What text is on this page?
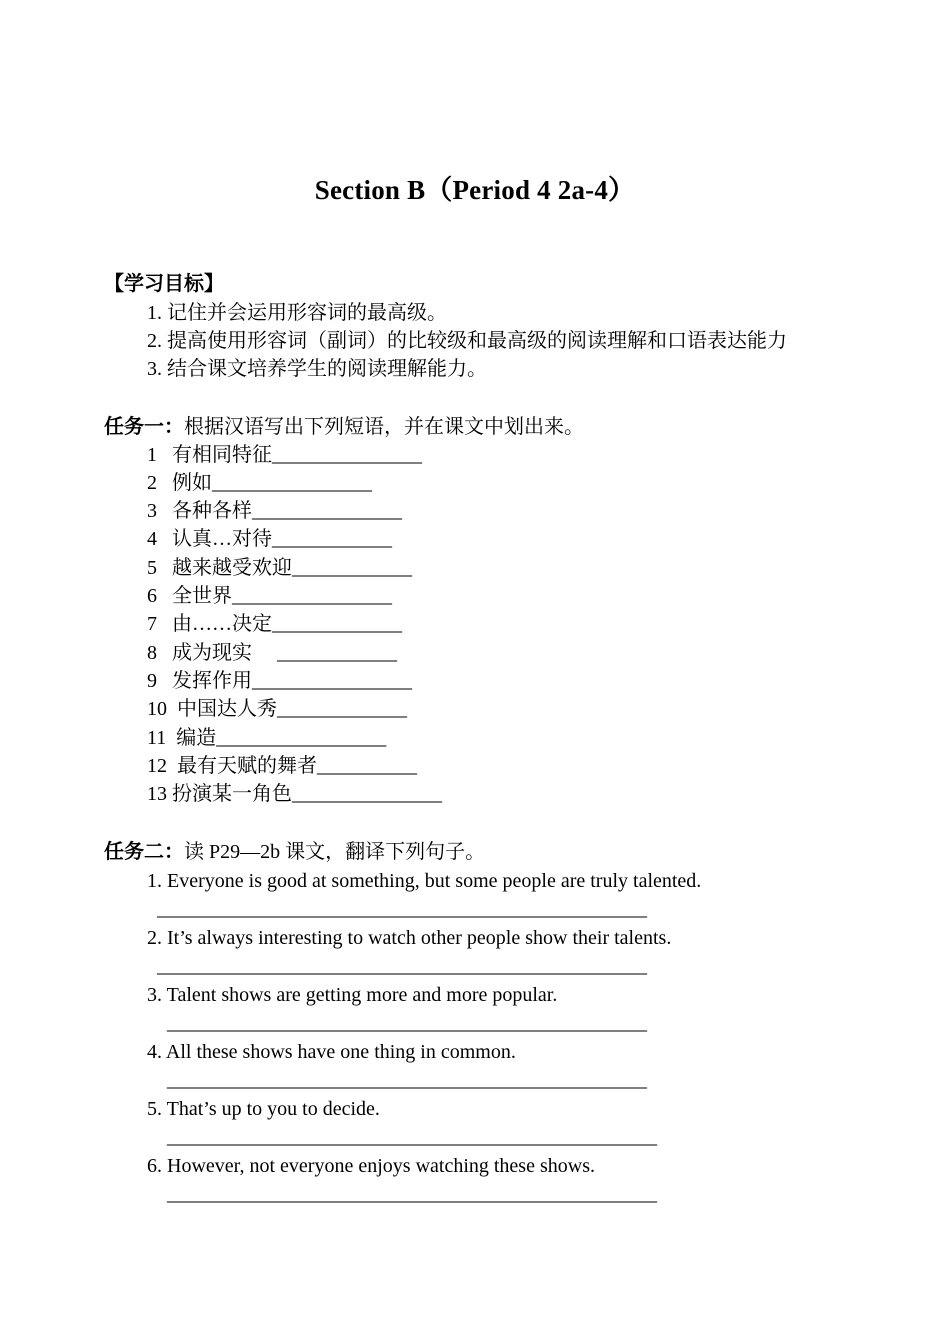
Section B（Period 4 2a-4）
【学习目标】
1. 记住并会运用形容词的最高级。
2. 提高使用形容词（副词）的比较级和最高级的阅读理解和口语表达能力
3. 结合课文培养学生的阅读理解能力。
任务一：根据汉语写出下列短语，并在课文中划出来。
1   有相同特征_______________
2   例如________________
3   各种各样_______________
4   认真…对待____________
5   越来越受欢迎____________
6   全世界________________
7   由……决定_____________
8   成为现实     ____________
9   发挥作用________________
10  中国达人秀_____________
11  编造_________________
12  最有天赋的舞者__________
13 扮演某一角色_______________
任务二：读 P29—2b 课文，翻译下列句子。
1. Everyone is good at something, but some people are truly talented.
_________________________________________________
2. It’s always interesting to watch other people show their talents.
_________________________________________________
3. Talent shows are getting more and more popular.
________________________________________________
4. All these shows have one thing in common.
________________________________________________
5. That’s up to you to decide.
_________________________________________________
6. However, not everyone enjoys watching these shows.
_________________________________________________
